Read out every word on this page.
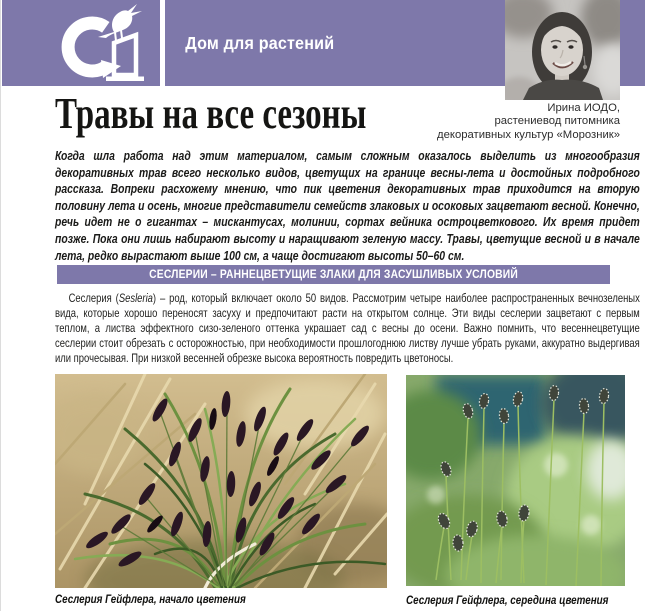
Дом для растений
Ирина ИОДО,
растениевод питомника
декоративных культур «Морозник»
Травы на все сезоны

Когда шла работа над этим материалом, самым сложным оказалось выделить из многообразия декоративных трав всего несколько видов, цветущих на границе весны-лета и достойных подробного рассказа. Вопреки расхожему мнению, что пик цветения декоративных трав приходится на вторую половину лета и осень, многие представители семейств злаковых и осоковых зацветают весной. Конечно, речь идет не о гигантах – мискантусах, молинии, сортах вейника остроцветкового. Их время придет позже. Пока они лишь набирают высоту и наращивают зеленую массу. Травы, цветущие весной и в начале лета, редко вырастают выше 100 см, а чаще достигают высоты 50–60 см.

СЕСЛЕРИИ – РАННЕЦВЕТУЩИЕ ЗЛАКИ ДЛЯ ЗАСУШЛИВЫХ УСЛОВИЙ

Сеслерия (Sesleria) – род, который включает около 50 видов. Рассмотрим четыре наиболее распространенных вечнозеленых вида, которые хорошо переносят засуху и предпочитают расти на открытом солнце. Эти виды сеслерии зацветают с первым теплом, а листва эффектного сизо-зеленого оттенка украшает сад с весны до осени. Важно помнить, что весеннецветущие сеслерии стоит обрезать с осторожностью, при необходимости прошлогоднюю листву лучше убрать руками, аккуратно выдергивая или прочесывая. При низкой весенней обрезке высока вероятность повредить цветоносы.

Сеслерия Гейфлера, начало цветения	Сеслерия Гейфлера, середина цветения
